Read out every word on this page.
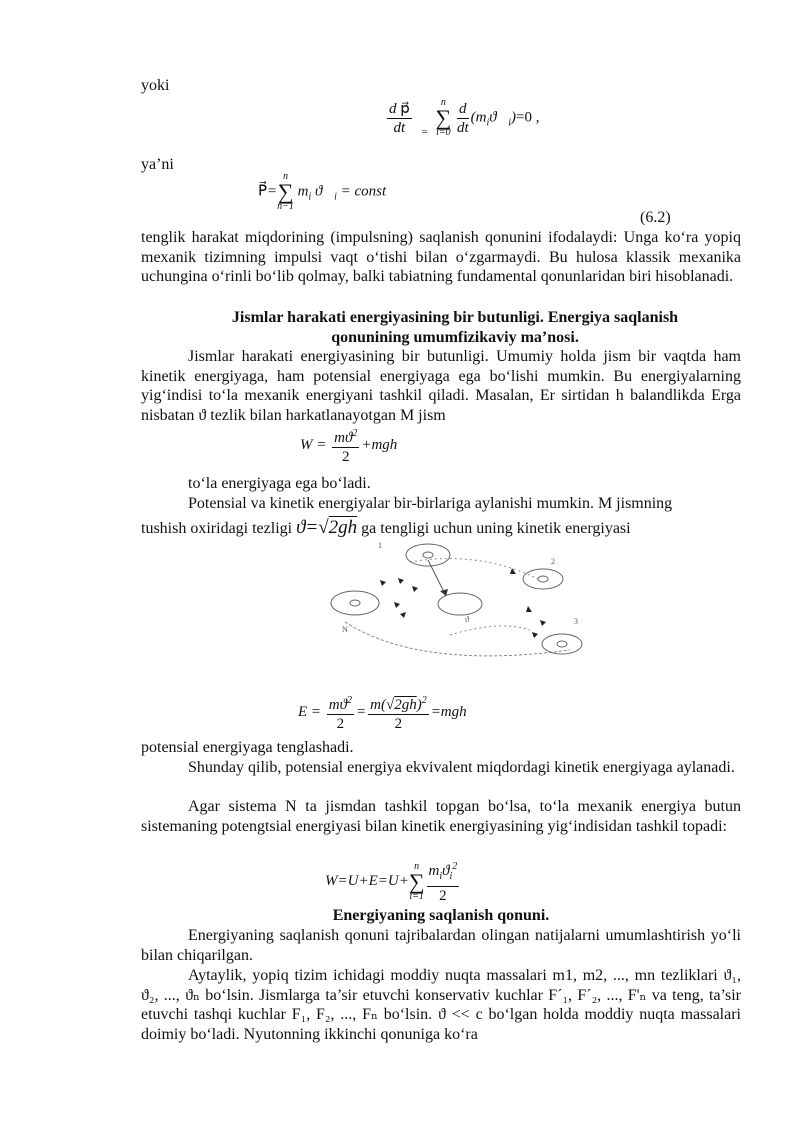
yoki

$\frac{\text{d p⃗}}{dt} _=$
n
∑
i=0
$\frac{d}{dt}$ $(m_iϑ⃗_i)=0$ ,

ya’ni

P⃗=
n
∑
n−1
$m_i$ $ϑ⃗_i$ = const
(6.2)

tenglik harakat miqdorining (impulsning) saqlanish qonunini ifodalaydi: Unga ko‘ra yopiq mexanik tizimning impulsi vaqt o‘tishi bilan o‘zgarmaydi. Bu hulosa klassik mexanika uchungina o‘rinli bo‘lib qolmay, balki tabiatning fundamental qonunlaridan biri hisoblanadi.

Jismlar harakati energiyasining bir butunligi. Energiya saqlanish qonunining umumfizikaviy ma’nosi.

Jismlar harakati energiyasining bir butunligi. Umumiy holda jism bir vaqtda ham kinetik energiyaga, ham potensial energiyaga ega bo‘lishi mumkin. Bu energiyalarning yig‘indisi to‘la mexanik energiyani tashkil qiladi. Masalan, Er sirtidan h balandlikda Erga nisbatan ϑ tezlik bilan harkatlanayotgan M jism

$W = \frac{mϑ^2}{2} +mgh$

to‘la energiyaga ega bo‘ladi.

Potensial va kinetik energiyalar bir-birlariga aylanishi mumkin. M jismning

tushish oxiridagi tezligi ϑ=√2gh ga tengligi uchun uning kinetik energiyasi
1
2
3
N
ϑ
$E = \frac{mϑ^2}{2} = \frac{m(√2gh)^2}{2} =mgh$

potensial energiyaga tenglashadi.

Shunday qilib, potensial energiya ekvivalent miqdordagi kinetik energiyaga aylanadi.

Agar sistema N ta jismdan tashkil topgan bo‘lsa, to‘la mexanik energiya butun sistemaning potengtsial energiyasi bilan kinetik energiyasining yig‘indisidan tashkil topadi:

W=U+E=U+
n
∑
$i=1 \frac{m_iϑ_i^2}{2}$

Energiyaning saqlanish qonuni.

Energiyaning saqlanish qonuni tajribalardan olingan natijalarni umumlashtirish yo‘li bilan chiqarilgan.

Aytaylik, yopiq tizim ichidagi moddiy nuqta massalari m1, m2, ..., mn tezliklari ϑ₁, ϑ₂, ..., ϑₙ bo‘lsin. Jismlarga ta’sir etuvchi konservativ kuchlar F´₁, F´₂, ..., F'ₙ va teng, ta’sir etuvchi tashqi kuchlar F₁, F₂, ..., Fₙ bo‘lsin. ϑ << c bo‘lgan holda moddiy nuqta massalari doimiy bo‘ladi. Nyutonning ikkinchi qonuniga ko‘ra
